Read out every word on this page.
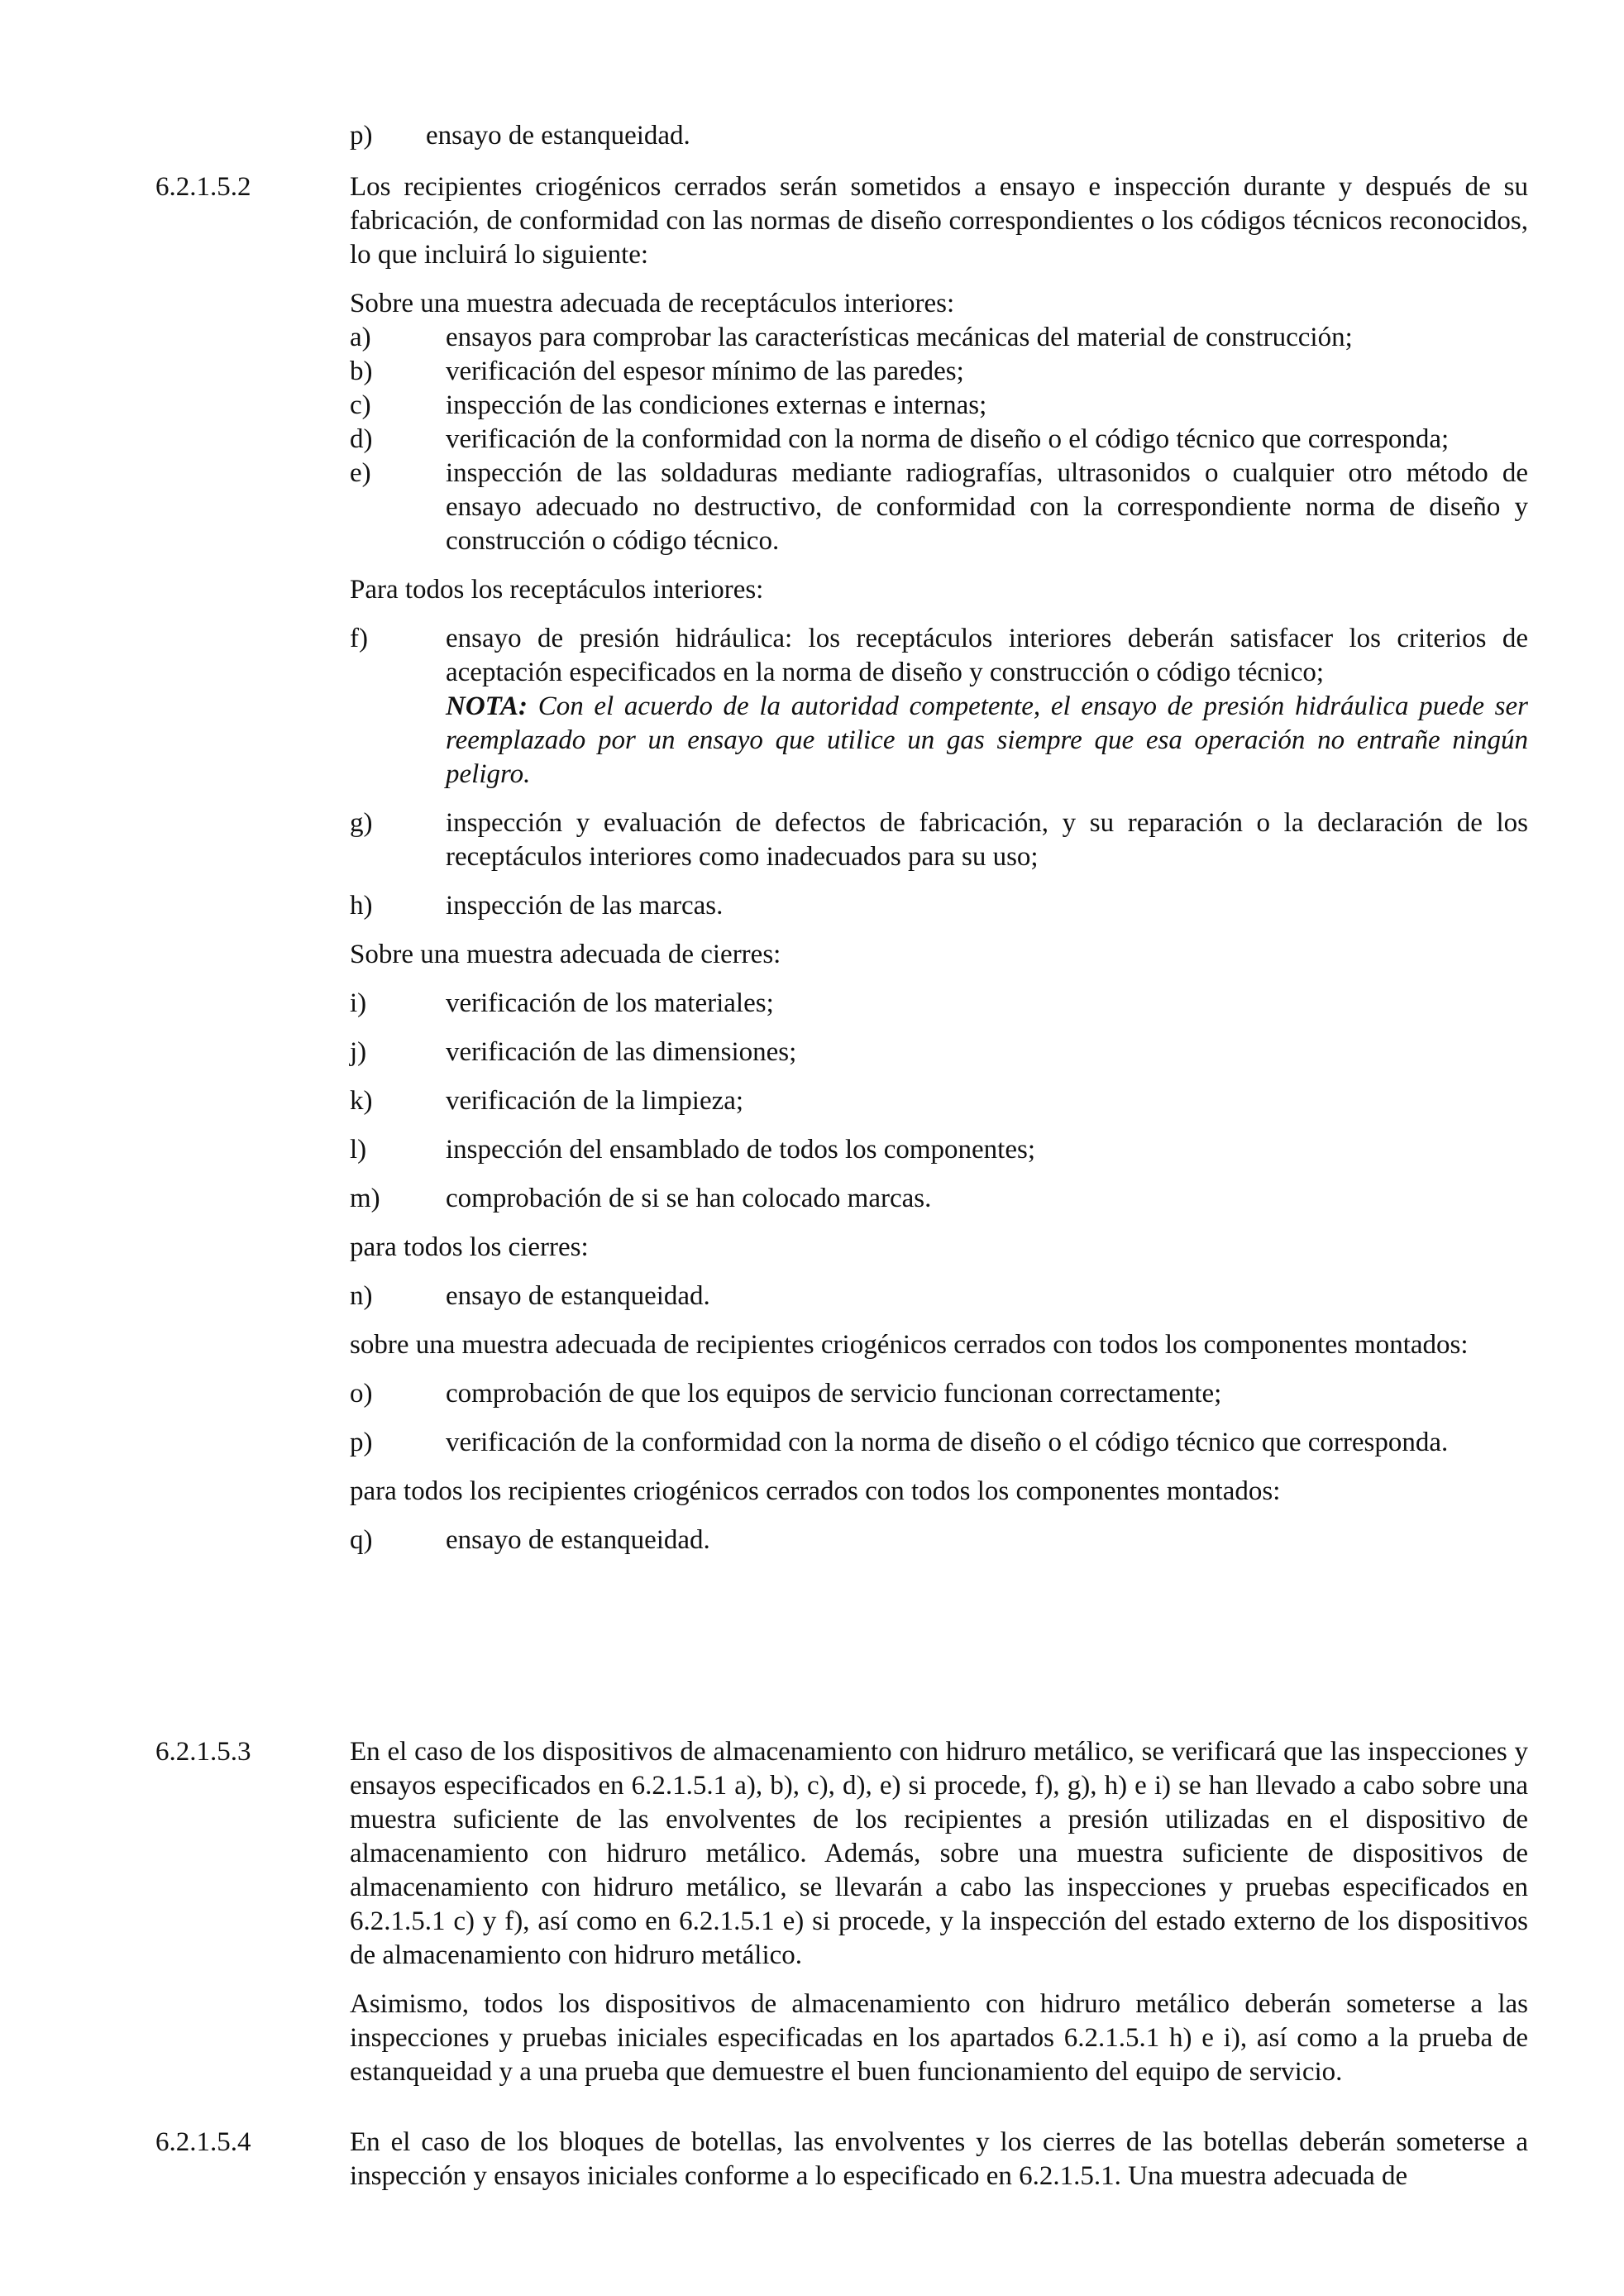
p) ensayo de estanqueidad.
6.2.1.5.2	Los recipientes criogénicos cerrados serán sometidos a ensayo e inspección durante y después de su fabricación, de conformidad con las normas de diseño correspondientes o los códigos técnicos reconocidos, lo que incluirá lo siguiente:

Sobre una muestra adecuada de receptáculos interiores:

a)	ensayos para comprobar las características mecánicas del material de construcción;
b)	verificación del espesor mínimo de las paredes;
c)	inspección de las condiciones externas e internas;
d)	verificación de la conformidad con la norma de diseño o el código técnico que corresponda;
e)	inspección de las soldaduras mediante radiografías, ultrasonidos o cualquier otro método de ensayo adecuado no destructivo, de conformidad con la correspondiente norma de diseño y construcción o código técnico.

Para todos los receptáculos interiores:

f)	ensayo de presión hidráulica: los receptáculos interiores deberán satisfacer los criterios de aceptación especificados en la norma de diseño y construcción o código técnico;
NOTA: Con el acuerdo de la autoridad competente, el ensayo de presión hidráulica puede ser reemplazado por un ensayo que utilice un gas siempre que esa operación no entrañe ningún peligro.
g)	inspección y evaluación de defectos de fabricación, y su reparación o la declaración de los receptáculos interiores como inadecuados para su uso;
h)	inspección de las marcas.

Sobre una muestra adecuada de cierres:

i)	verificación de los materiales;
j)	verificación de las dimensiones;
k)	verificación de la limpieza;
l)	inspección del ensamblado de todos los componentes;
m) comprobación de si se han colocado marcas.

para todos los cierres:

n)	ensayo de estanqueidad.

sobre una muestra adecuada de recipientes criogénicos cerrados con todos los componentes montados:

o)	comprobación de que los equipos de servicio funcionan correctamente;
p)	verificación de la conformidad con la norma de diseño o el código técnico que corresponda.

para todos los recipientes criogénicos cerrados con todos los componentes montados:

q)	ensayo de estanqueidad.
6.2.1.5.3	En el caso de los dispositivos de almacenamiento con hidruro metálico, se verificará que las inspecciones y ensayos especificados en 6.2.1.5.1 a), b), c), d), e) si procede, f), g), h) e i) se han llevado a cabo sobre una muestra suficiente de las envolventes de los recipientes a presión utilizadas en el dispositivo de almacenamiento con hidruro metálico. Además, sobre una muestra suficiente de dispositivos de almacenamiento con hidruro metálico, se llevarán a cabo las inspecciones y pruebas especificados en 6.2.1.5.1 c) y f), así como en 6.2.1.5.1 e) si procede, y la inspección del estado externo de los dispositivos de almacenamiento con hidruro metálico.

Asimismo, todos los dispositivos de almacenamiento con hidruro metálico deberán someterse a las inspecciones y pruebas iniciales especificadas en los apartados 6.2.1.5.1 h) e i), así como a la prueba de estanqueidad y a una prueba que demuestre el buen funcionamiento del equipo de servicio.

6.2.1.5.4	En el caso de los bloques de botellas, las envolventes y los cierres de las botellas deberán someterse a inspección y ensayos iniciales conforme a lo especificado en 6.2.1.5.1. Una muestra adecuada de
